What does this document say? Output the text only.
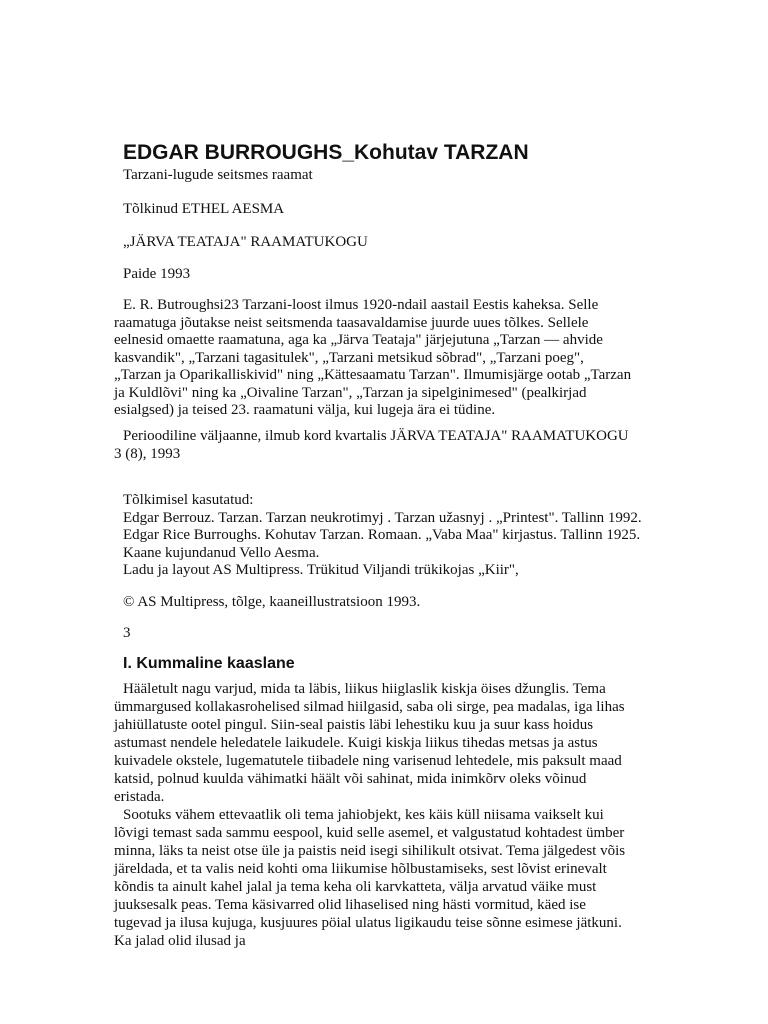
EDGAR BURROUGHS_Kohutav TARZAN

Tarzani-lugude seitsmes raamat

Tõlkinud ETHEL AESMA

„JÄRVA TEATAJA" RAAMATUKOGU

Paide 1993

E. R. Butroughsi23 Tarzani-loost ilmus 1920-ndail aastail Eestis kaheksa. Selle raamatuga jõutakse neist seitsmenda taasavaldamise juurde uues tõlkes. Sellele eelnesid omaette raamatuna, aga ka „Järva Teataja" järjejutuna „Tarzan — ahvide kasvandik", „Tarzani tagasitulek", „Tarzani metsikud sõbrad", „Tarzani poeg", „Tarzan ja Oparikalliskivid" ning „Kättesaamatu Tarzan". Ilmumisjärge ootab „Tarzan ja Kuldlõvi" ning ka „Oivaline Tarzan", „Tarzan ja sipelginimesed" (pealkirjad esialgsed) ja teised 23. raamatuni välja, kui lugeja ära ei tüdine.

Perioodiline väljaanne, ilmub kord kvartalis JÄRVA TEATAJA" RAAMATUKOGU 3 (8), 1993

Tõlkimisel kasutatud:
Edgar Berrouz. Tarzan. Tarzan neukrotimyj . Tarzan užasnyj . „Printest". Tallinn 1992.
Edgar Rice Burroughs. Kohutav Tarzan. Romaan. „Vaba Maa" kirjastus. Tallinn 1925.
Kaane kujundanud Vello Aesma.
Ladu ja layout AS Multipress. Trükitud Viljandi trükikojas „Kiir",

© AS Multipress, tõlge, kaaneillustratsioon 1993.

3

I. Kummaline kaaslane

Hääletult nagu varjud, mida ta läbis, liikus hiiglaslik kiskja öises džunglis. Tema ümmargused kollakasrohelised silmad hiilgasid, saba oli sirge, pea madalas, iga lihas jahiüllatuste ootel pingul. Siin-seal paistis läbi lehestiku kuu ja suur kass hoidus astumast nendele heledatele laikudele. Kuigi kiskja liikus tihedas metsas ja astus kuivadele okstele, lugematutele tiibadele ning varisenud lehtedele, mis paksult maad katsid, polnud kuulda vähimatki häält või sahinat, mida inimkõrv oleks võinud eristada.

Sootuks vähem ettevaatlik oli tema jahiobjekt, kes käis küll niisama vaikselt kui lõvigi temast sada sammu eespool, kuid selle asemel, et valgustatud kohtadest ümber minna, läks ta neist otse üle ja paistis neid isegi sihilikult otsivat. Tema jälgedest võis järeldada, et ta valis neid kohti oma liikumise hõlbustamiseks, sest lõvist erinevalt kõndis ta ainult kahel jalal ja tema keha oli karvkatteta, välja arvatud väike must juuksesalk peas. Tema käsivarred olid lihaselised ning hästi vormitud, käed ise tugevad ja ilusa kujuga, kusjuures pöial ulatus ligikaudu teise sõnne esimese jätkuni. Ka jalad olid ilusad ja
